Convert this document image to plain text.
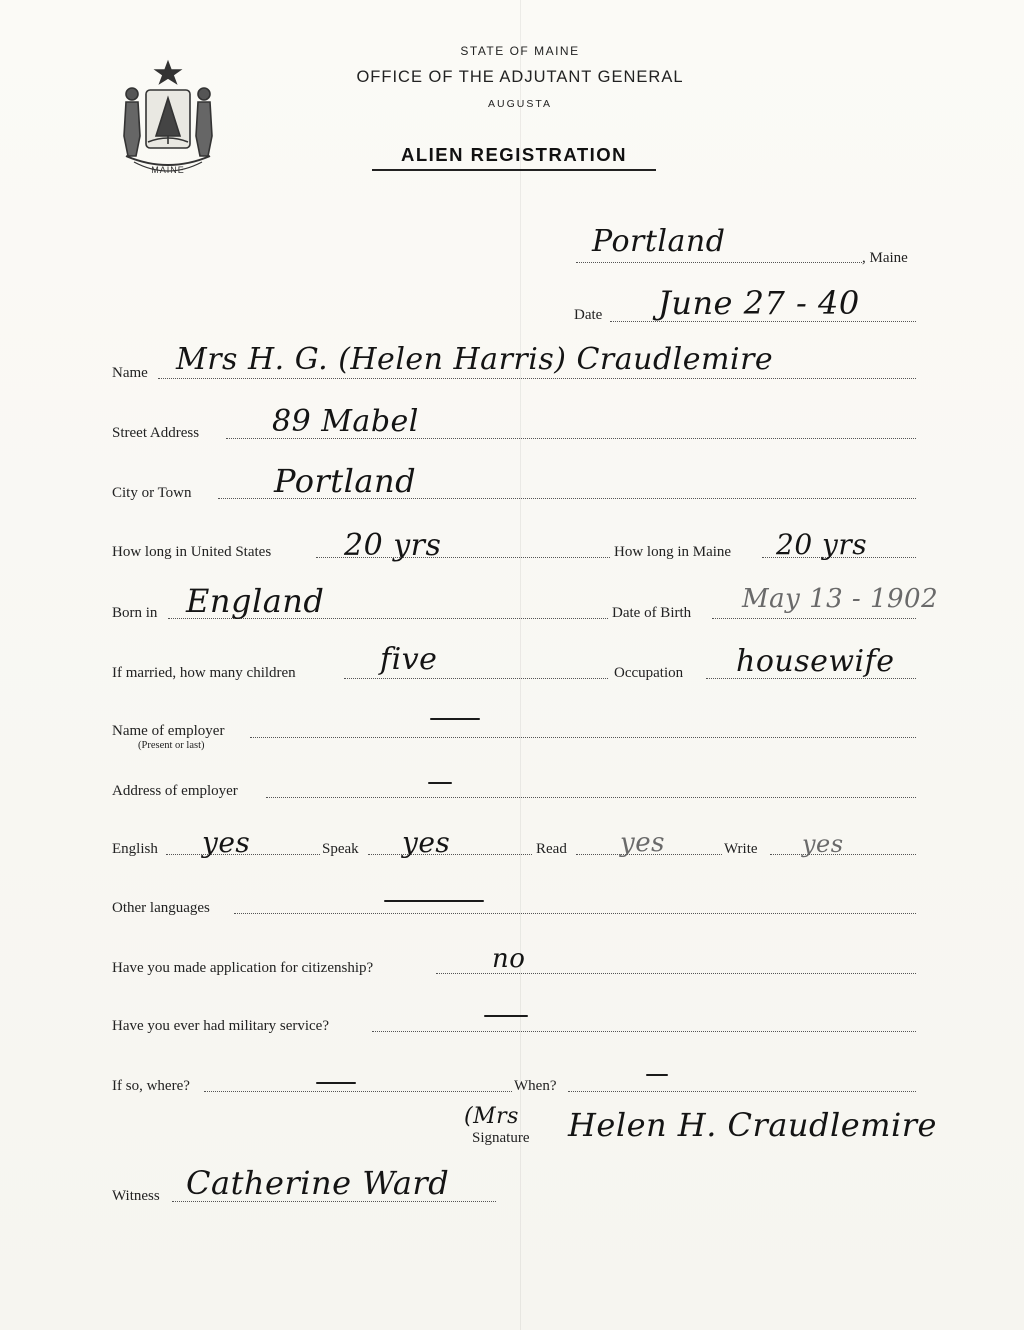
MAINE
STATE OF MAINE
OFFICE OF THE ADJUTANT GENERAL
AUGUSTA
ALIEN REGISTRATION
Portland	, Maine
Date June 27 - 40
Name Mrs H. G. (Helen Harris) Craudlemire
Street Address 89 Mabel
City or Town	Portland
How long in United States 20 yrs	How long in Maine 20 yrs
Born in England	Date of Birth May 13 - 1902
If married, how many children	five	Occupation housewife
Name of employer
(Present or last)
Address of employer
English yes	Speak yes	Read yes	Write yes
Other languages
Have you made application for citizenship?	no
Have you ever had military service?
If so, where?	When?
(Mrs
Signature Helen H. Craudlemire
Witness Catherine Ward
